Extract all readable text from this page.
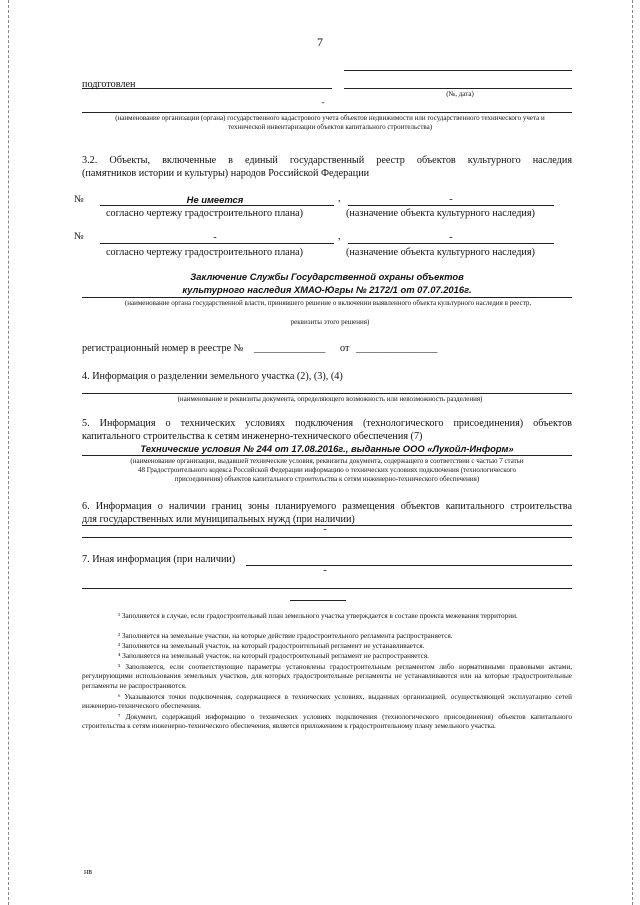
7
подготовлен
(№, дата)
-
(наименование организации (органа) государственного кадастрового учета объектов недвижимости или государственного технического учета и технической инвентаризации объектов капитального строительства)
3.2. Объекты, включенные в единый государственный реестр объектов культурного наследия
(памятников истории и культуры) народов Российской Федерации
№	Не имеется	,	-
согласно чертежу градостроительного плана)	(назначение объекта культурного наследия)
№	-	,	-
согласно чертежу градостроительного плана)	(назначение объекта культурного наследия)
Заключение Службы Государственной охраны объектов
культурного наследия ХМАО-Югры № 2172/1 от 07.07.2016г.
(наименование органа государственной власти, принявшего решение о включении выявленного объекта культурного наследия в реестр,
реквизиты этого решения)
регистрационный номер в реестре № ______________ от ________________
4. Информация о разделении земельного участка (2), (3), (4)
(наименование и реквизиты документа, определяющего возможность или невозможность разделения)
5. Информация о технических условиях подключения (технологического присоединения) объектов
капитального строительства к сетям инженерно-технического обеспечения (7)
Технические условия № 244 от 17.08.2016г., выданные ООО «Лукойл-Информ»
(наименование организации, выдавшей технические условия, реквизиты документа, содержащего в соответствии с частью 7 статьи
48 Градостроительного кодекса Российской Федерации информацию о технических условиях подключения (технологического
присоединения) объектов капитального строительства к сетям инженерно-технического обеспечения)
6. Информация о наличии границ зоны планируемого размещения объектов капитального строительства
для государственных или муниципальных нужд (при наличии)
-
7. Иная информация (при наличии)
-
¹ Заполняется в случае, если градостроительный план земельного участка утверждается в составе проекта межевания территории.
² Заполняется на земельные участки, на которые действие градостроительного регламента распространяется.
³ Заполняется на земельный участок, на который градостроительный регламент не устанавливается.
⁴ Заполняется на земельный участок, на который градостроительный регламент не распространяется.
⁵ Заполняется, если соответствующие параметры установлены градостроительным регламентом либо нормативными правовыми актами, регулирующими использования земельных участков, для которых градостроительные регламенты не устанавливаются или на которые градостроительные регламенты не распространяются.
⁶ Указываются точки подключения, содержащиеся в технических условиях, выданных организацией, осуществляющей эксплуатацию сетей инженерно-технического обеспечения.
⁷ Документ, содержащий информацию о технических условиях подключения (технологического присоединения) объектов капитального строительства к сетям инженерно-технического обеспечения, является приложением к градостроительному плану земельного участка.
нв
